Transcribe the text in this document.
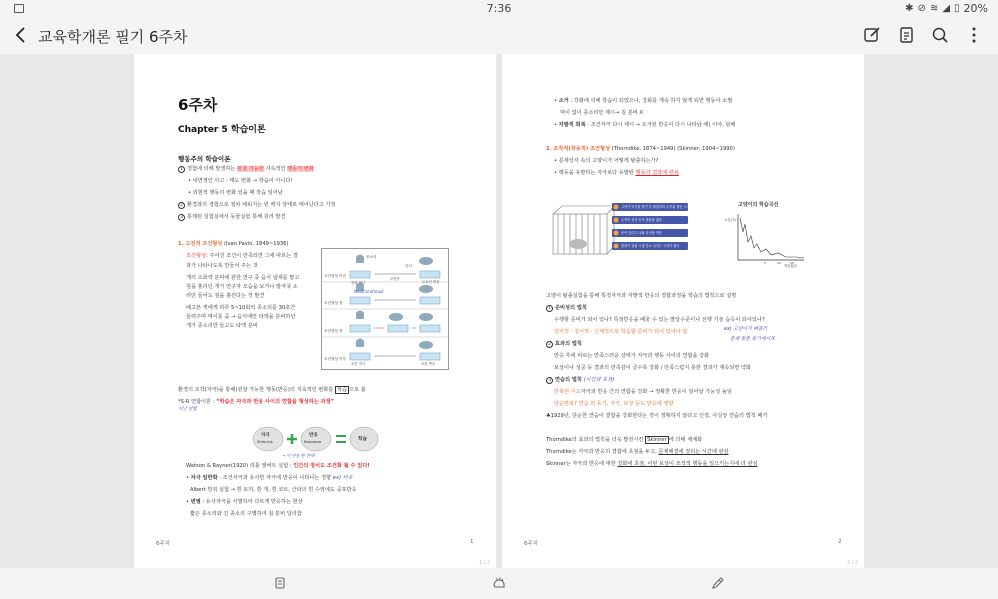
7:36	✱ ⊘ ≋ ◢ ▯ 20%
교육학개론 필기 6주차
6주차
Chapter 5 학습이론
행동주의 학습이론
1 경험에 의해 발생하는 관찰 가능한 지속적인 행동의 변화
• 내면적인 사고 · 태도 변화 → 학습이 아니다!
• 외현적 행동의 변화 있을 때 학습 일어남
2 환경과의 경험으로 점차 채워지는 빈 백지 상태로 태어난다고 가정
3 통제된 실험실에서 동물실험 통해 원리 발견
1. 고전적 조건형성 (Ivan Pavlo, 1849~1936)
조건형성: 주어진 조건이 만족되면 그에 따르는 결
과가 나타나도록 만들어 주는 것
개의 소화액 분비에 관한 연구 중 음식 냄새를 맡고
침을 흘리던 개가 연구자 모습을 보거나 발자국 소
리만 들어도 침을 흘린다는 것 발견
배고픈 개에게 하루 5~10회씩 종소리를 30초간
들려주며 먹이를 줌 → 음식에만 타액을 분비하던
개가 종소리만 들고도 타액 분비
조건형성 이전
조건형성 중
조건형성 중
조건형성 이후
종소리
음식
무조건 반응
중성 자극
무반응
조건 자극	조건 반응
Neutral stimuli
환경의 조작(자극)을 통해(관찰 가능한 행동(반응)의 지속적인 변화를 학습 으로 봄
*S-R 연합이론 : “학습은 자극과 반응 사이의 연합을 형성하는 과정”
지난 연합
자극
Stimulus
반응
Response	학습
→ 이 반응 한 번에!
Watson & Rayner(1920) 리틀 앨버트 실험 : 인간의 정서도 조건화 될 수 있다!
• 자극 일반화 : 조건자극과 유사한 자극에 반응이 나타나는 경향 ex) 비유
Albert 흰쥐 실험 → 흰 토끼, 흰 개, 흰 코트, 산타의 흰 수염에도 공포반응
• 변별 : 유사자극을 식별하여 다르게 반응하는 현상
짧은 종소리와 긴 종소리 구별하여 침 분비 달리함
6주차	1
1 / 2
• 소거 : 강화에 의해 학습이 되었으나, 강화를 계속 하지 않게 되면 행동이 소멸
먹이 없이 종소리만 제시→ 침 분비 X
• 자발적 회복 : 조건자극 다시 제시 → 소거된 반응이 다시 나타남 예) 이야, 담배
2. 조작적(작동적) 조건형성 (Thorndike, 1874~1949) (Skinner, 1904~1990)
• 문제상자 속의 고양이가 어떻게 탈출하는가?
• 행동을 유발하는 자극보다 유발된 행동의 결과에 관심
고양이 먹이를 발견 후 탈출하려 무작위 행동 시도
우연히 상자 안의 발판을 밟음
문이 열리고 나와 음식을 먹음
발판이 열림 시행 감소 걸리는 시간이 줄어
고양이의 학습곡선
시간(초)
5	10	15
학습횟수
고양이 탈출실험을 통해 특정자극과 자발적 반응의 결합과정을 학습의 법칙으로 설명
1 준비성의 법칙
수행할 준비가 되어 있나? 특정반응을 배울 수 있는 발달수준이나 선행 기술 습득이 되어있나?
먼저적 · 정서적 · 신체적으로 학습할 준비가 되어 있어야 함	ex) 고양이가 배불러
문제 맞춘 찾기에서 X
2 효과의 법칙
반응 후에 따르는 만족스러운 상태가 자극과 행동 사이의 연합을 강화
보상이나 성공 등 결과의 만족감이 클수록 강화 / 만족스럽지 못한 결과가 계속되면 약화
3 연습의 법칙 (시간과 효과)
반복된 시도자극과 반응 간의 연합을 강화 → 정확한 반응이 일어날 가능성 높임
단순반복? 연습 외 동기, 자극, 보상 등도 반응에 영향
♣1929년, 단순한 연습이 결합을 강화한다는 것이 정확하지 않다고 인정, 사실상 연습의 법칙 폐기
Thorndike의 효과의 법칙을 더욱 발전시킨 Skinner 에 의해 체계화
Thorndike는 자극과 반응의 결합에 초점을 두고, 문제해결에 걸리는 시간에 관심
Skinner는 자극과 반응에 대한 강화에 초점, 어떤 보상이 조작적 행동을 일으키는지에 더 관심
6주차	2
2 / 2
